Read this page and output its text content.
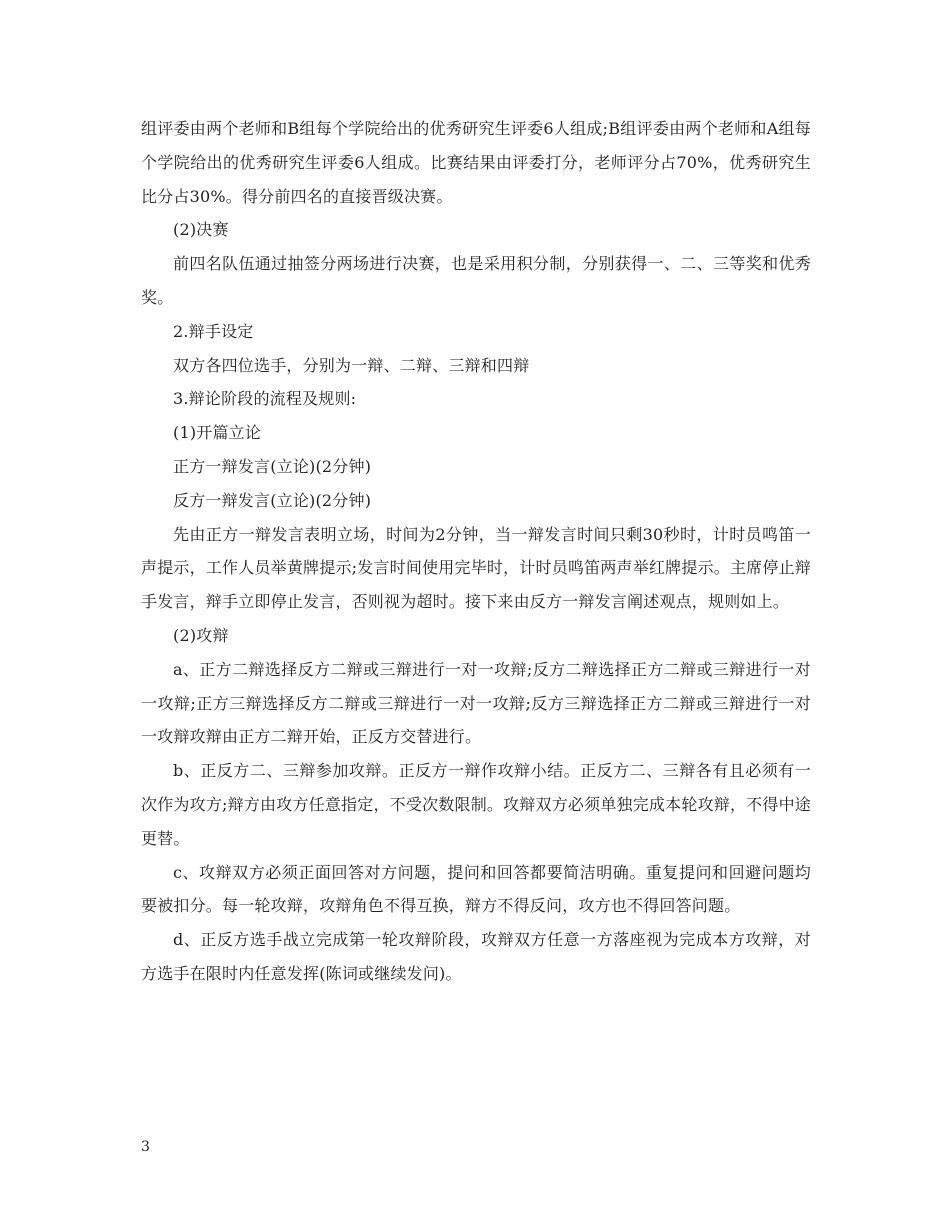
组评委由两个老师和B组每个学院给出的优秀研究生评委6人组成;B组评委由两个老师和A组每个学院给出的优秀研究生评委6人组成。比赛结果由评委打分，老师评分占70%，优秀研究生比分占30%。得分前四名的直接晋级决赛。

(2)决赛

前四名队伍通过抽签分两场进行决赛，也是采用积分制，分别获得一、二、三等奖和优秀奖。

2.辩手设定

双方各四位选手，分别为一辩、二辩、三辩和四辩

3.辩论阶段的流程及规则:

(1)开篇立论

正方一辩发言(立论)(2分钟)

反方一辩发言(立论)(2分钟)

先由正方一辩发言表明立场，时间为2分钟，当一辩发言时间只剩30秒时，计时员鸣笛一声提示，工作人员举黄牌提示;发言时间使用完毕时，计时员鸣笛两声举红牌提示。主席停止辩手发言，辩手立即停止发言，否则视为超时。接下来由反方一辩发言阐述观点，规则如上。

(2)攻辩

a、正方二辩选择反方二辩或三辩进行一对一攻辩;反方二辩选择正方二辩或三辩进行一对一攻辩;正方三辩选择反方二辩或三辩进行一对一攻辩;反方三辩选择正方二辩或三辩进行一对一攻辩攻辩由正方二辩开始，正反方交替进行。

b、正反方二、三辩参加攻辩。正反方一辩作攻辩小结。正反方二、三辩各有且必须有一次作为攻方;辩方由攻方任意指定，不受次数限制。攻辩双方必须单独完成本轮攻辩，不得中途更替。

c、攻辩双方必须正面回答对方问题，提问和回答都要简洁明确。重复提问和回避问题均要被扣分。每一轮攻辩，攻辩角色不得互换，辩方不得反问，攻方也不得回答问题。

d、正反方选手战立完成第一轮攻辩阶段，攻辩双方任意一方落座视为完成本方攻辩，对方选手在限时内任意发挥(陈词或继续发问)。

3
